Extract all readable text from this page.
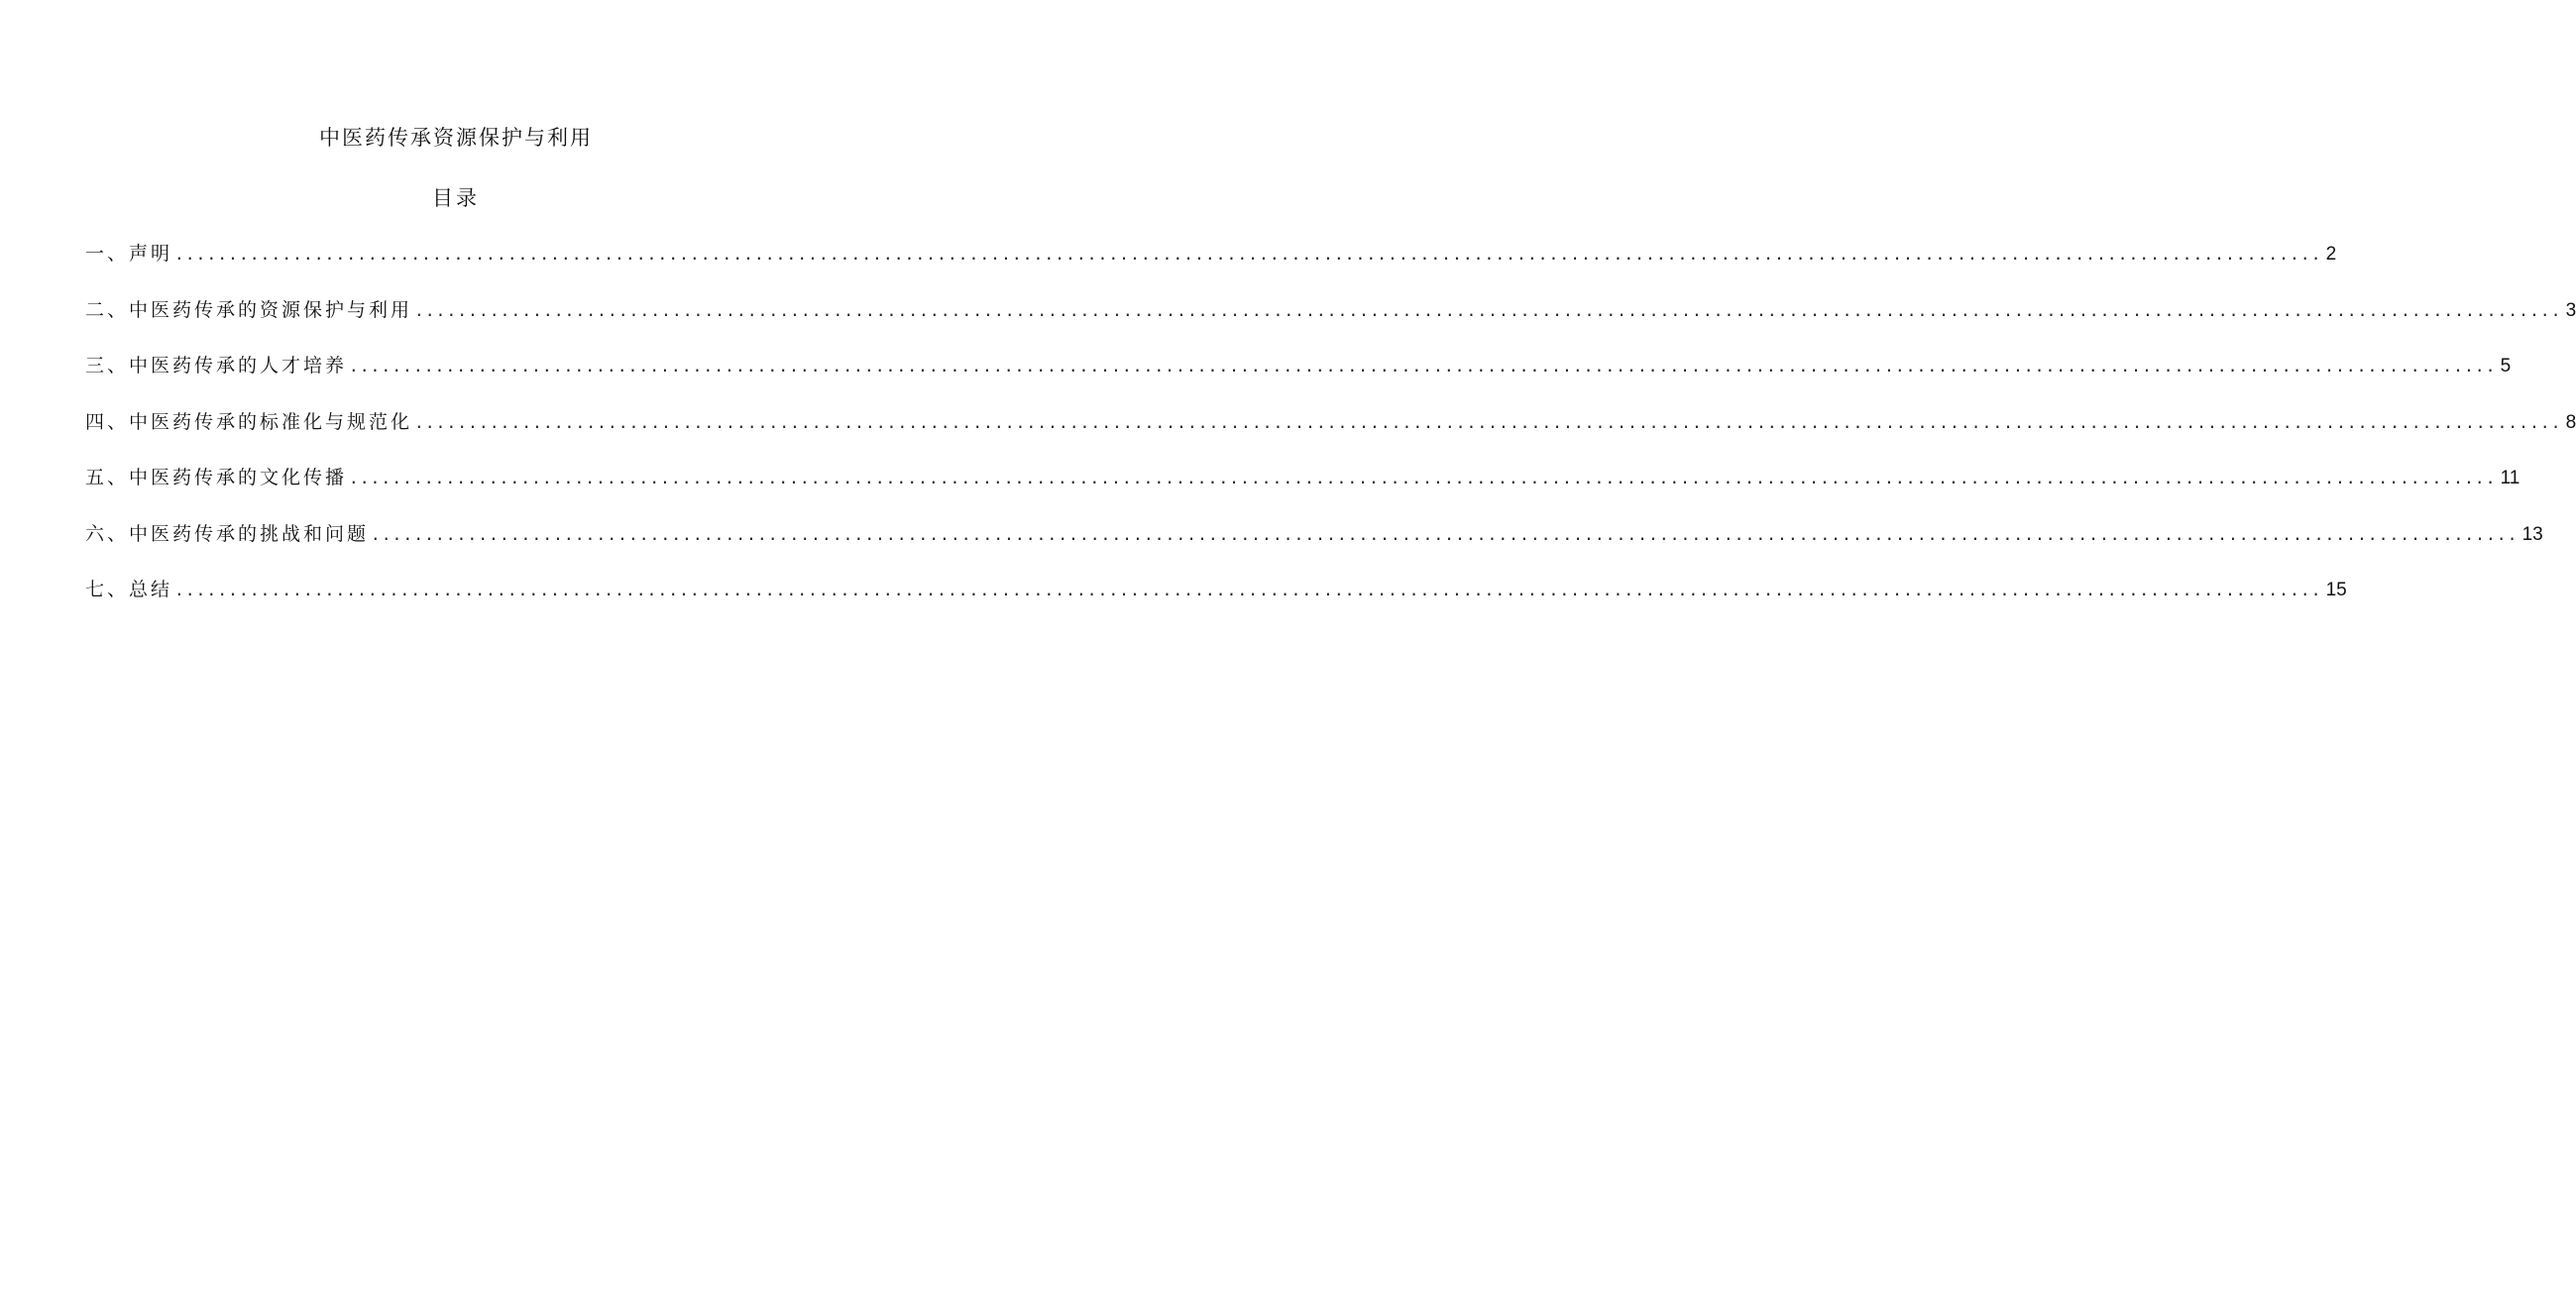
中医药传承资源保护与利用
目录
一、声明 ........................................................................................................................................................................................................ 2
二、中医药传承的资源保护与利用 ........................................................................................................................................................................................................ 3
三、中医药传承的人才培养 ........................................................................................................................................................................................................ 5
四、中医药传承的标准化与规范化 ........................................................................................................................................................................................................ 8
五、中医药传承的文化传播 ........................................................................................................................................................................................................ 11
六、中医药传承的挑战和问题 ........................................................................................................................................................................................................ 13
七、总结 ........................................................................................................................................................................................................ 15
